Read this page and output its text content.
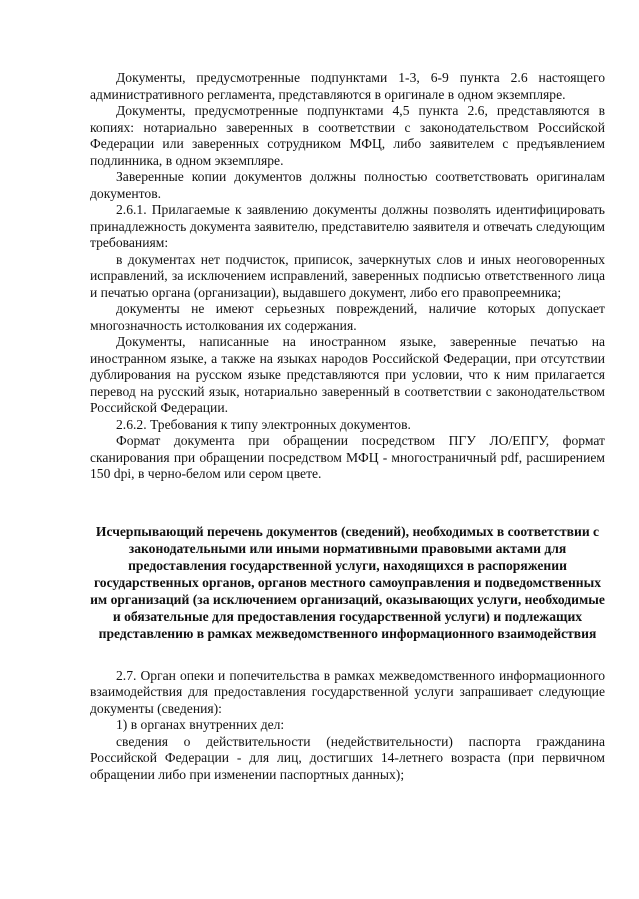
Документы, предусмотренные подпунктами 1-3, 6-9 пункта 2.6 настоящего административного регламента, представляются в оригинале в одном экземпляре.

Документы, предусмотренные подпунктами 4,5 пункта 2.6, представляются в копиях: нотариально заверенных в соответствии с законодательством Российской Федерации или заверенных сотрудником МФЦ, либо заявителем с предъявлением подлинника, в одном экземпляре.

Заверенные копии документов должны полностью соответствовать оригиналам документов.

2.6.1. Прилагаемые к заявлению документы должны позволять идентифицировать принадлежность документа заявителю, представителю заявителя и отвечать следующим требованиям:

в документах нет подчисток, приписок, зачеркнутых слов и иных неоговоренных исправлений, за исключением исправлений, заверенных подписью ответственного лица и печатью органа (организации), выдавшего документ, либо его правопреемника;

документы не имеют серьезных повреждений, наличие которых допускает многозначность истолкования их содержания.

Документы, написанные на иностранном языке, заверенные печатью на иностранном языке, а также на языках народов Российской Федерации, при отсутствии дублирования на русском языке представляются при условии, что к ним прилагается перевод на русский язык, нотариально заверенный в соответствии с законодательством Российской Федерации.

2.6.2. Требования к типу электронных документов.

Формат документа при обращении посредством ПГУ ЛО/ЕПГУ, формат сканирования при обращении посредством МФЦ - многостраничный pdf, расширением 150 dpi, в черно-белом или сером цвете.

Исчерпывающий перечень документов (сведений), необходимых в соответствии с законодательными или иными нормативными правовыми актами для предоставления государственной услуги, находящихся в распоряжении государственных органов, органов местного самоуправления и подведомственных им организаций (за исключением организаций, оказывающих услуги, необходимые и обязательные для предоставления государственной услуги) и подлежащих представлению в рамках межведомственного информационного взаимодействия

2.7. Орган опеки и попечительства в рамках межведомственного информационного взаимодействия для предоставления государственной услуги запрашивает следующие документы (сведения):

1) в органах внутренних дел:

сведения о действительности (недействительности) паспорта гражданина Российской Федерации - для лиц, достигших 14-летнего возраста (при первичном обращении либо при изменении паспортных данных);
